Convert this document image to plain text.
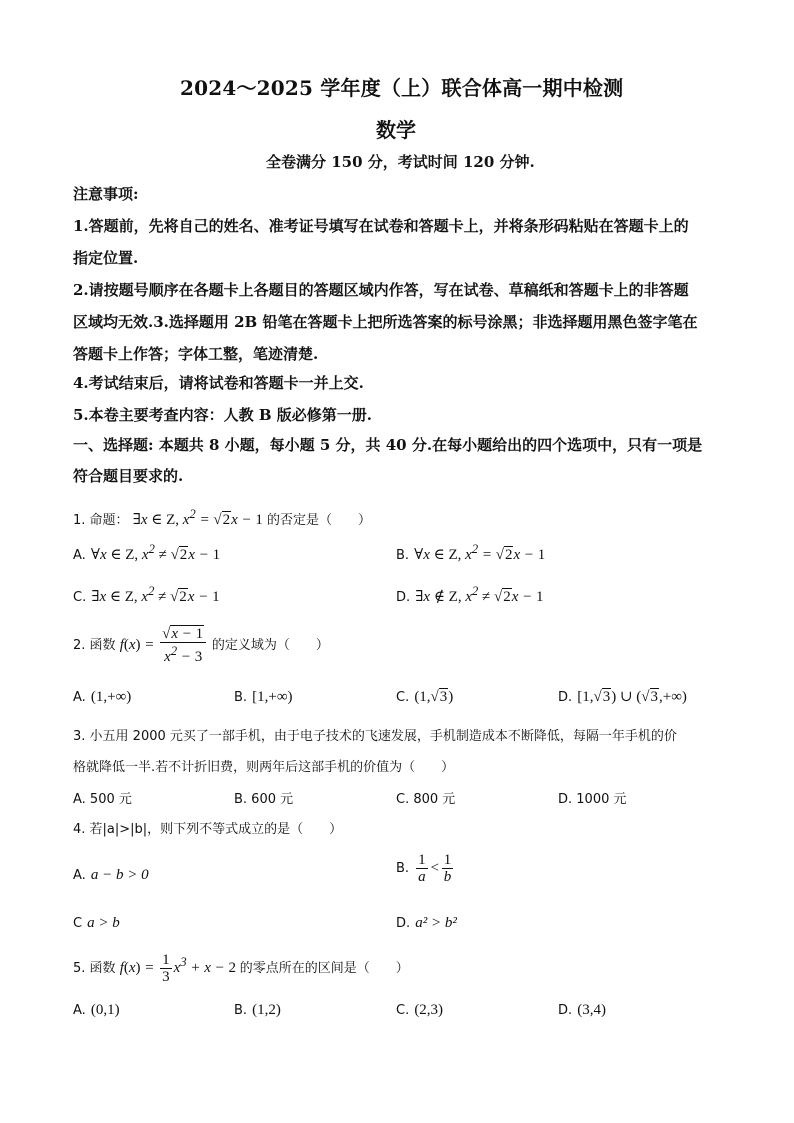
2024～2025 学年度（上）联合体高一期中检测
数学
全卷满分 150 分，考试时间 120 分钟.
注意事项:
1.答题前，先将自己的姓名、准考证号填写在试卷和答题卡上，并将条形码粘贴在答题卡上的
指定位置.
2.请按题号顺序在各题卡上各题目的答题区域内作答，写在试卷、草稿纸和答题卡上的非答题
区域均无效.3.选择题用 2B 铅笔在答题卡上把所选答案的标号涂黑；非选择题用黑色签字笔在
答题卡上作答；字体工整，笔迹清楚.
4.考试结束后，请将试卷和答题卡一并上交.
5.本卷主要考查内容：人教 B 版必修第一册.
一、选择题: 本题共 8 小题，每小题 5 分，共 40 分.在每小题给出的四个选项中，只有一项是
符合题目要求的.
1. 命题： ∃x ∈ Z, $x^2 = √2x - 1$ 的否定是（　　）
A. ∀x ∈ Z, $x^2 \ne √2x - 1$	B. ∀x ∈ Z, $x^2 = √2x - 1$
C. ∃x ∈ Z, $x^2 \ne √2x - 1$	D. ∃x ∉ Z, $x^2 \ne √2x - 1$
2. 函数 $f(x) = \frac{√x - 1}{x^2 - 3}$ 的定义域为（　　）
A. (1,+∞)	B. [1,+∞)	C. (1,√3)	D. [1,√3) ∪ (√3,+∞)
3. 小五用 2000 元买了一部手机，由于电子技术的飞速发展，手机制造成本不断降低，每隔一年手机的价
格就降低一半.若不计折旧费，则两年后这部手机的价值为（　　）
A. 500 元	B. 600 元	C. 800 元	D. 1000 元
4. 若|a|>|b|，则下列不等式成立的是（　　）
A. a − b > 0	B. $\frac{1}{a} < \frac{1}{b}$
C a > b	D. a² > b²
5. 函数 $f(x) = \frac{1}{3} x^3 + x - 2$ 的零点所在的区间是（　　）
A. (0,1)	B. (1,2)	C. (2,3)	D. (3,4)
